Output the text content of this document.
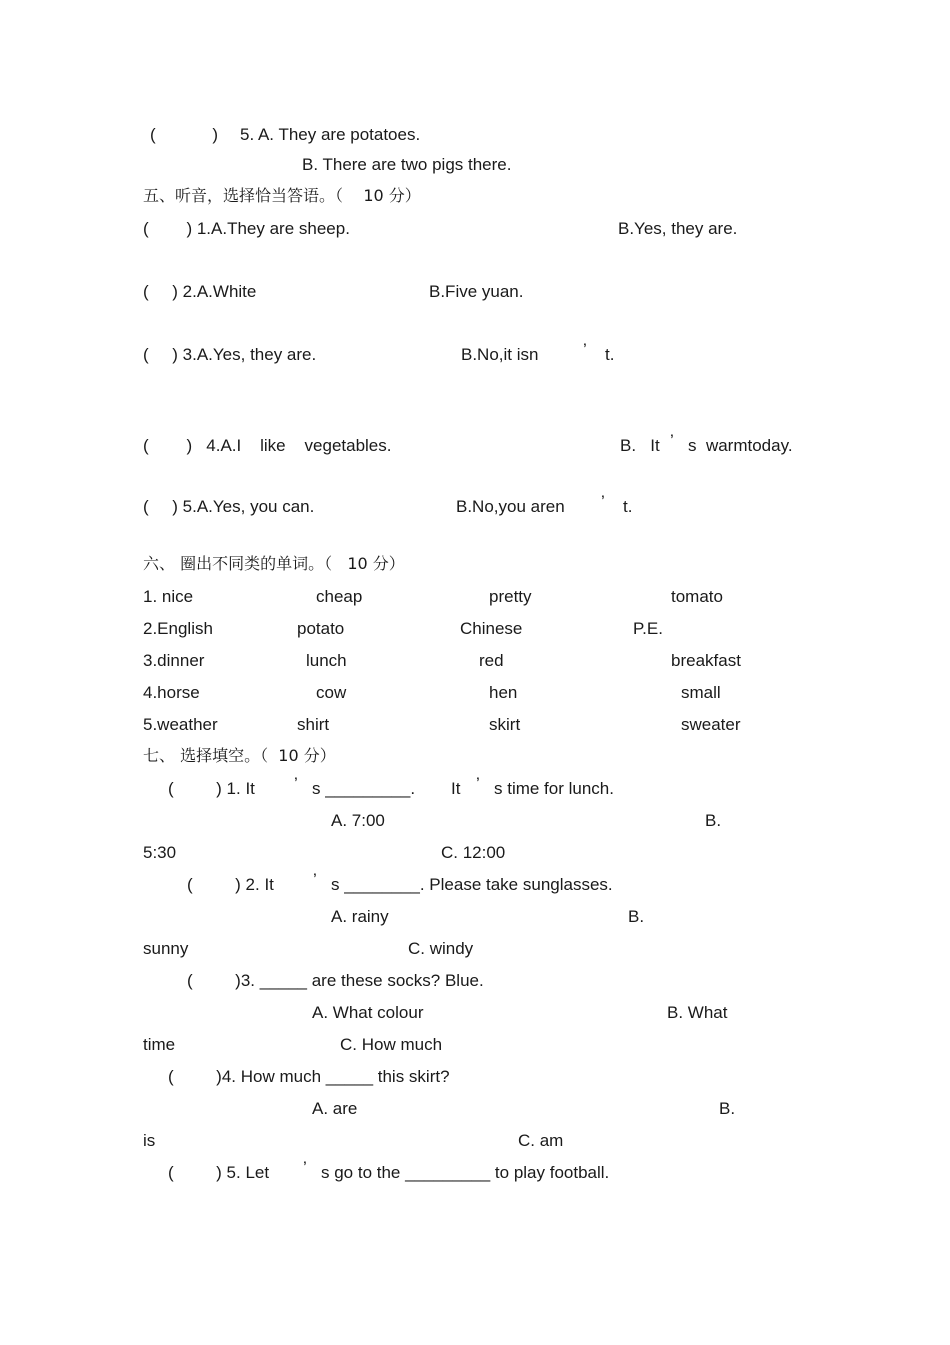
(            ) 5. A. They are potatoes.
B. There are two pigs there.
五、听音，选择恰当答语。（    10 分）
(        ) 1.A.They are sheep.	B.Yes, they are.
(     ) 2.A.White	B.Five yuan.
(     ) 3.A.Yes, they are.	B.No,it isn	’ t.
(        )   4.A.I    like    vegetables.	B.   It ’ s  warmtoday.
(     ) 5.A.Yes, you can.	B.No,you aren ’ t.
六、 圈出不同类的单词。（   10 分）
1. nice	cheap	pretty	tomato
2.English	potato	Chinese	P.E.
3.dinner	lunch	red	breakfast
4.horse	cow	hen	small
5.weather	shirt	skirt	sweater
七、 选择填空。（  10 分）
(         ) 1. It ’ s _________. It ’ s time for lunch.
A. 7:00	B.
5:30	C. 12:00
(         ) 2. It ’ s ________. Please take sunglasses.
A. rainy	B.
sunny	C. windy
(         )3. _____ are these socks? Blue.
A. What colour	B. What
time	C. How much
(         )4. How much _____ this skirt?
A. are	B.
is	C. am
(         ) 5. Let ’ s go to the _________ to play football.
